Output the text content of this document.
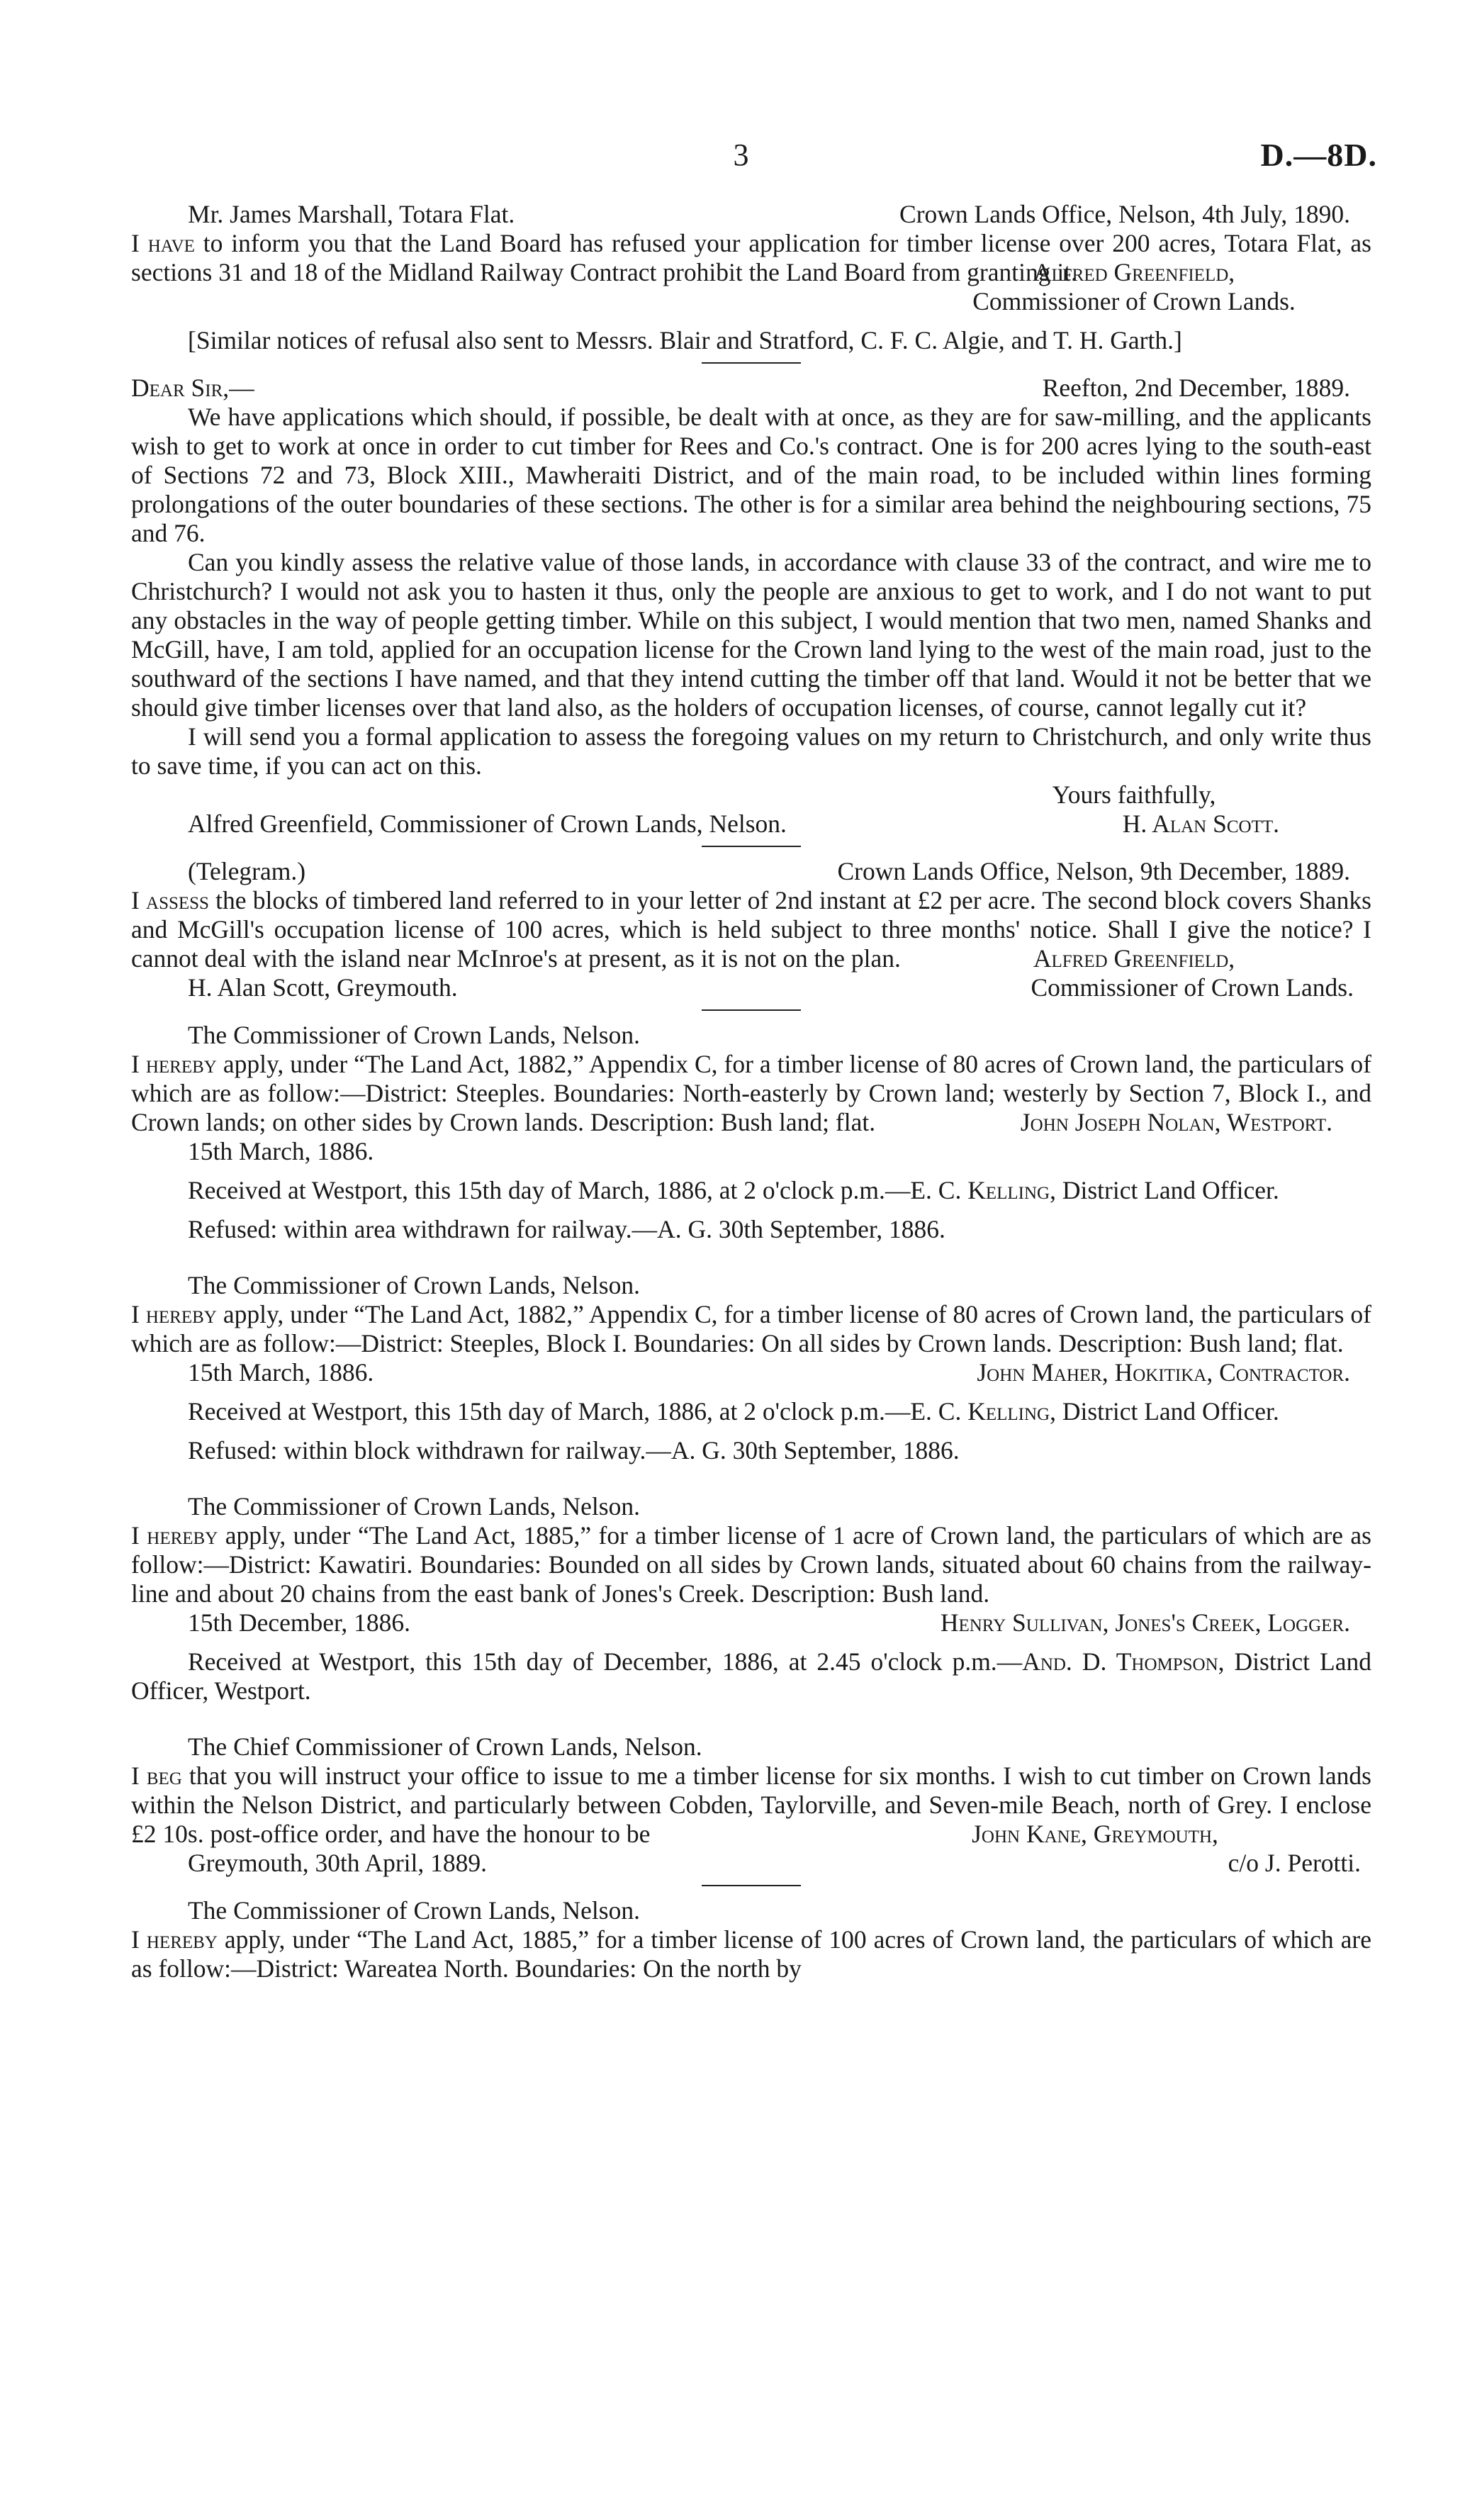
3	D.—8D.
Mr. James Marshall, Totara Flat.	Crown Lands Office, Nelson, 4th July, 1890.

I have to inform you that the Land Board has refused your application for timber license over 200 acres, Totara Flat, as sections 31 and 18 of the Midland Railway Contract prohibit the Land Board from granting it.

Alfred Greenfield,
Commissioner of Crown Lands.

[Similar notices of refusal also sent to Messrs. Blair and Stratford, C. F. C. Algie, and T. H. Garth.]

Dear Sir,—	Reefton, 2nd December, 1889.

We have applications which should, if possible, be dealt with at once, as they are for saw-milling, and the applicants wish to get to work at once in order to cut timber for Rees and Co.'s contract. One is for 200 acres lying to the south-east of Sections 72 and 73, Block XIII., Mawheraiti District, and of the main road, to be included within lines forming prolongations of the outer boundaries of these sections. The other is for a similar area behind the neighbouring sections, 75 and 76.

Can you kindly assess the relative value of those lands, in accordance with clause 33 of the contract, and wire me to Christchurch? I would not ask you to hasten it thus, only the people are anxious to get to work, and I do not want to put any obstacles in the way of people getting timber. While on this subject, I would mention that two men, named Shanks and McGill, have, I am told, applied for an occupation license for the Crown land lying to the west of the main road, just to the southward of the sections I have named, and that they intend cutting the timber off that land. Would it not be better that we should give timber licenses over that land also, as the holders of occupation licenses, of course, cannot legally cut it?

I will send you a formal application to assess the foregoing values on my return to Christchurch, and only write thus to save time, if you can act on this.

Yours faithfully,
Alfred Greenfield, Commissioner of Crown Lands, Nelson.	H. Alan Scott.
(Telegram.)	Crown Lands Office, Nelson, 9th December, 1889.

I assess the blocks of timbered land referred to in your letter of 2nd instant at £2 per acre. The second block covers Shanks and McGill's occupation license of 100 acres, which is held subject to three months' notice. Shall I give the notice? I cannot deal with the island near McInroe's at present, as it is not on the plan.	Alfred Greenfield,
H. Alan Scott, Greymouth.	Commissioner of Crown Lands.
The Commissioner of Crown Lands, Nelson.

I hereby apply, under “The Land Act, 1882,” Appendix C, for a timber license of 80 acres of Crown land, the particulars of which are as follow:—District: Steeples. Boundaries: North-easterly by Crown land; westerly by Section 7, Block I., and Crown lands; on other sides by Crown lands. Description: Bush land; flat.	John Joseph Nolan, Westport.
15th March, 1886.

Received at Westport, this 15th day of March, 1886, at 2 o'clock p.m.—E. C. Kelling, District Land Officer.

Refused: within area withdrawn for railway.—A. G. 30th September, 1886.
The Commissioner of Crown Lands, Nelson.

I hereby apply, under “The Land Act, 1882,” Appendix C, for a timber license of 80 acres of Crown land, the particulars of which are as follow:—District: Steeples, Block I. Boundaries: On all sides by Crown lands. Description: Bush land; flat.

15th March, 1886.	John Maher, Hokitika, Contractor.

Received at Westport, this 15th day of March, 1886, at 2 o'clock p.m.—E. C. Kelling, District Land Officer.

Refused: within block withdrawn for railway.—A. G. 30th September, 1886.
The Commissioner of Crown Lands, Nelson.

I hereby apply, under “The Land Act, 1885,” for a timber license of 1 acre of Crown land, the particulars of which are as follow:—District: Kawatiri. Boundaries: Bounded on all sides by Crown lands, situated about 60 chains from the railway-line and about 20 chains from the east bank of Jones's Creek. Description: Bush land.

15th December, 1886.	Henry Sullivan, Jones's Creek, Logger.

Received at Westport, this 15th day of December, 1886, at 2.45 o'clock p.m.—And. D. Thompson, District Land Officer, Westport.

The Chief Commissioner of Crown Lands, Nelson.

I beg that you will instruct your office to issue to me a timber license for six months. I wish to cut timber on Crown lands within the Nelson District, and particularly between Cobden, Taylorville, and Seven-mile Beach, north of Grey. I enclose £2 10s. post-office order, and have the honour to be	John Kane, Greymouth,
Greymouth, 30th April, 1889.	c/o J. Perotti.
The Commissioner of Crown Lands, Nelson.

I hereby apply, under “The Land Act, 1885,” for a timber license of 100 acres of Crown land, the particulars of which are as follow:—District: Wareatea North. Boundaries: On the north by
